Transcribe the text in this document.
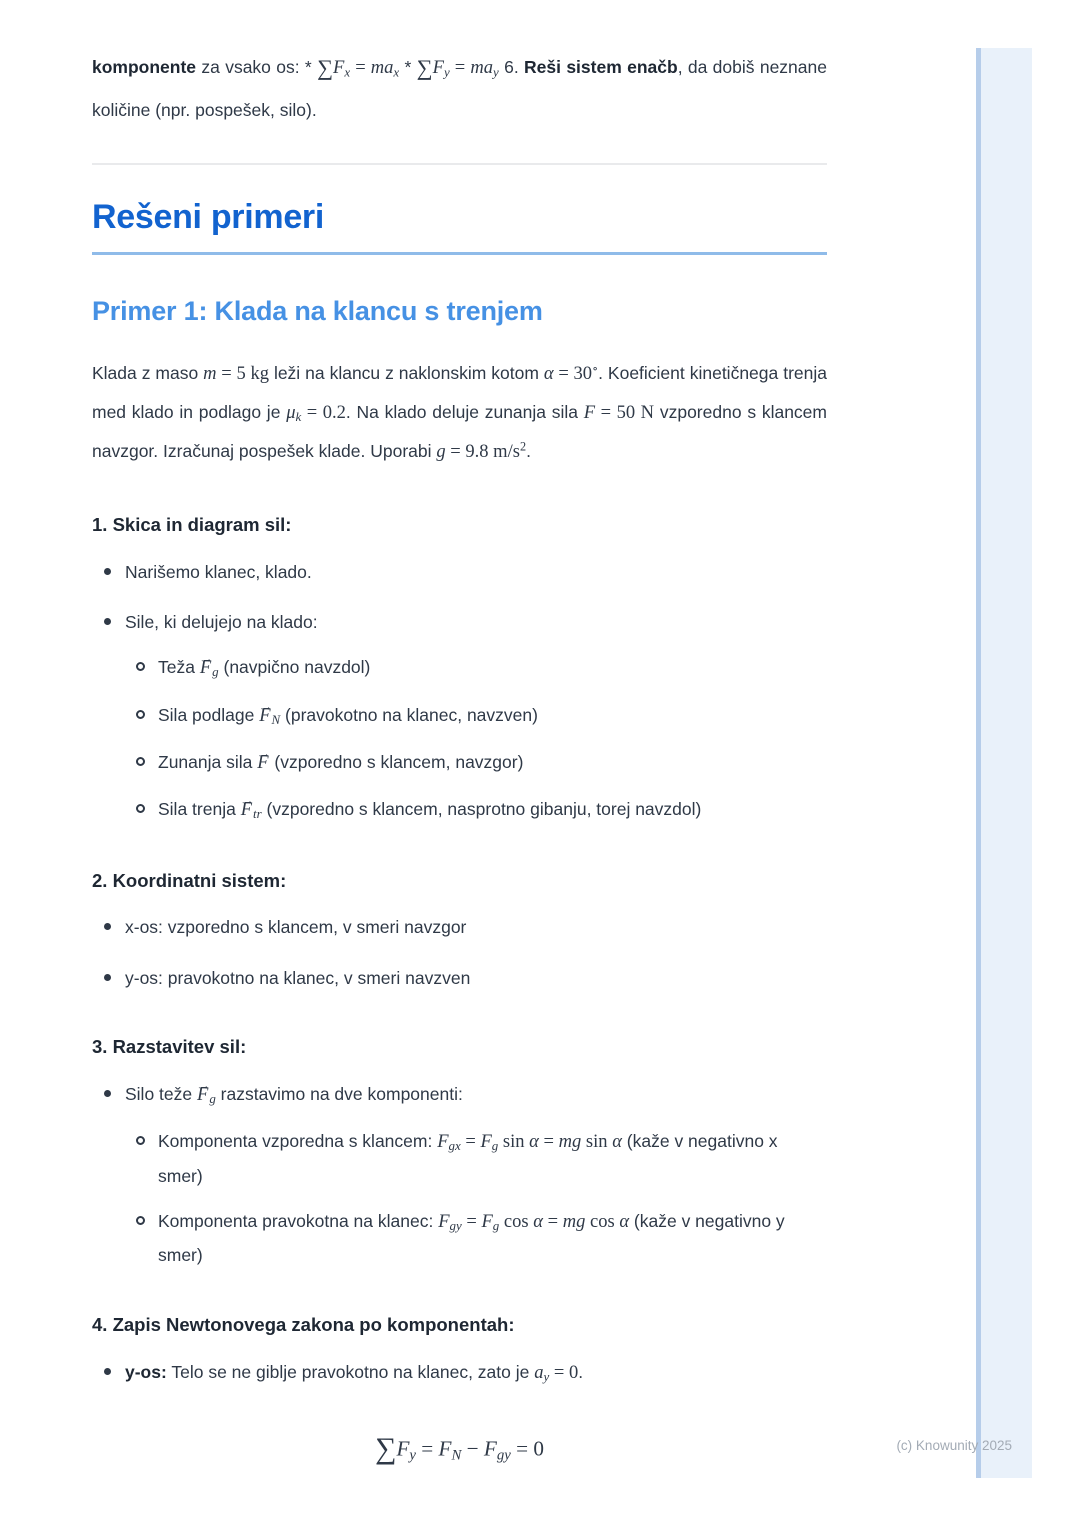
komponente za vsako os: * ∑Fx = max * ∑Fy = may 6. Reši sistem enačb, da dobiš neznane količine (npr. pospešek, silo).

Rešeni primeri
Primer 1: Klada na klancu s trenjem

Klada z maso m = 5 kg leži na klancu z naklonskim kotom α = 30∘. Koeficient kinetičnega trenja med klado in podlago je μk = 0.2. Na klado deluje zunanja sila F = 50 N vzporedno s klancem navzgor. Izračunaj pospešek klade. Uporabi g = 9.8 $m/s^2$.

1. Skica in diagram sil:
Narišemo klanec, klado.
Sile, ki delujejo na klado:
Teža F →g (navpično navzdol)
Sila podlage F →N (pravokotno na klanec, navzven)
Zunanja sila F → (vzporedno s klancem, navzgor)
Sila trenja F →tr (vzporedno s klancem, nasprotno gibanju, torej navzdol)
2. Koordinatni sistem:
x-os: vzporedno s klancem, v smeri navzgor
y-os: pravokotno na klanec, v smeri navzven
3. Razstavitev sil:
Silo teže F →g razstavimo na dve komponenti:
Komponenta vzporedna s klancem: Fgx = Fg sin α = mg sin α (kaže v negativno x smer)
Komponenta pravokotna na klanec: Fgy = Fg cos α = mg cos α (kaže v negativno y smer)
4. Zapis Newtonovega zakona po komponentah:
y-os: Telo se ne giblje pravokotno na klanec, zato je ay = 0.
∑Fy = FN − Fgy = 0	(c) Knowunity 2025
